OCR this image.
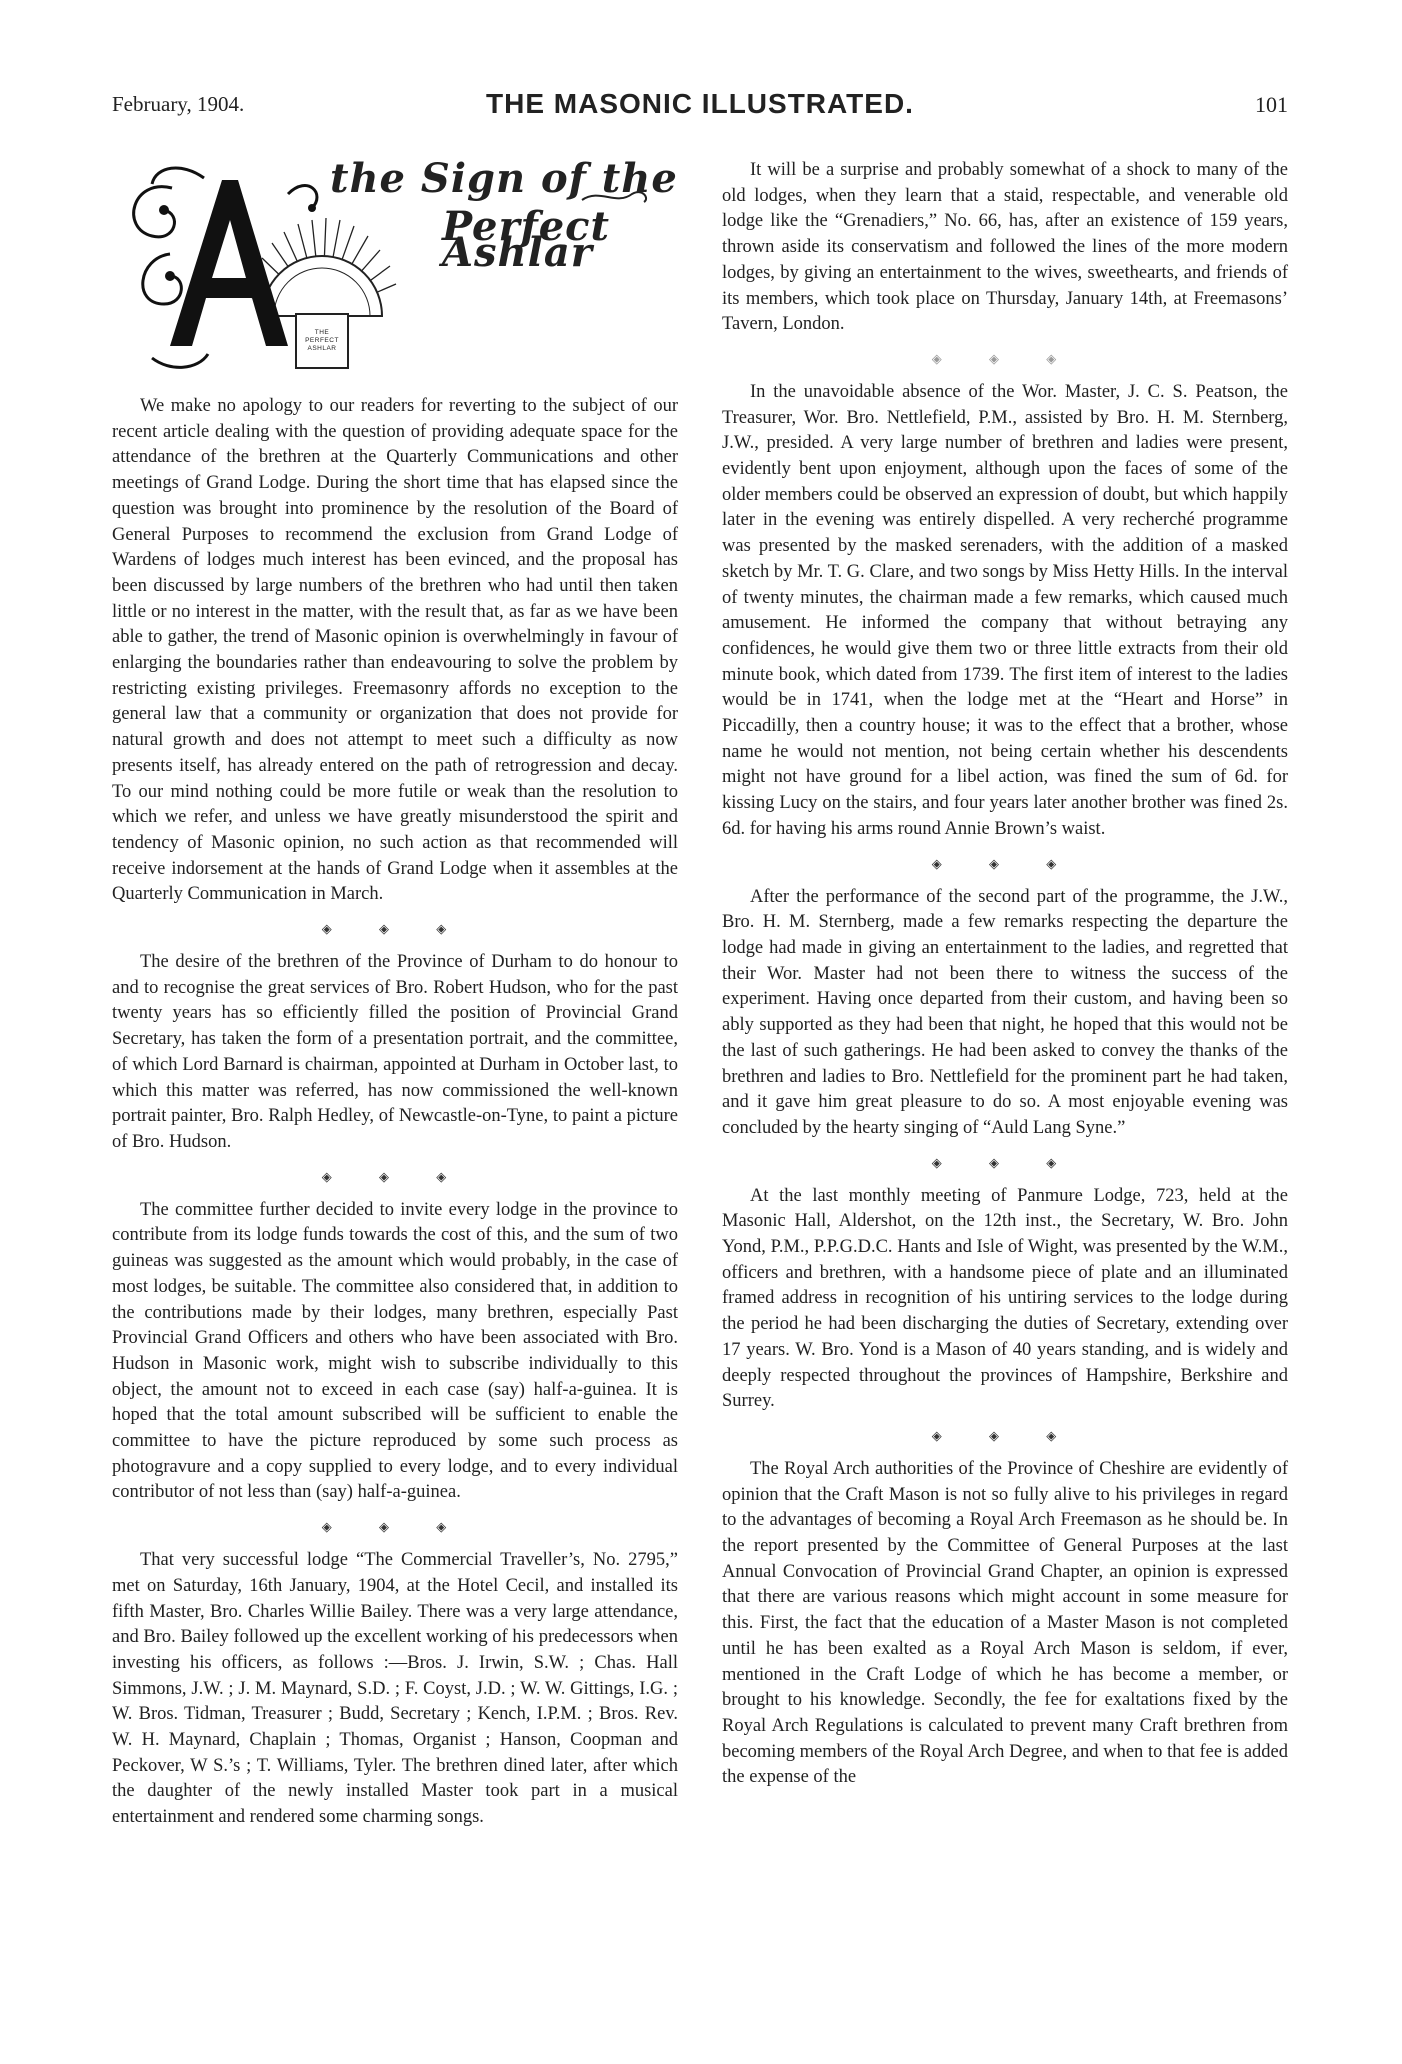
February, 1904.	THE MASONIC ILLUSTRATED.	101
the Sign of the
Perfect Ashlar
THE
PERFECT
ASHLAR

We make no apology to our readers for reverting to the subject of our recent article dealing with the question of providing adequate space for the attendance of the brethren at the Quarterly Communications and other meetings of Grand Lodge. During the short time that has elapsed since the question was brought into prominence by the resolution of the Board of General Purposes to recommend the exclusion from Grand Lodge of Wardens of lodges much interest has been evinced, and the proposal has been discussed by large numbers of the brethren who had until then taken little or no interest in the matter, with the result that, as far as we have been able to gather, the trend of Masonic opinion is overwhelmingly in favour of enlarging the boundaries rather than endeavouring to solve the problem by restricting existing privileges. Freemasonry affords no exception to the general law that a community or organization that does not provide for natural growth and does not attempt to meet such a difficulty as now presents itself, has already entered on the path of retrogression and decay. To our mind nothing could be more futile or weak than the resolution to which we refer, and unless we have greatly misunderstood the spirit and tendency of Masonic opinion, no such action as that recommended will receive indorsement at the hands of Grand Lodge when it assembles at the Quarterly Communication in March.

◈ ◈ ◈

The desire of the brethren of the Province of Durham to do honour to and to recognise the great services of Bro. Robert Hudson, who for the past twenty years has so efficiently filled the position of Provincial Grand Secretary, has taken the form of a presentation portrait, and the committee, of which Lord Barnard is chairman, appointed at Durham in October last, to which this matter was referred, has now commissioned the well-known portrait painter, Bro. Ralph Hedley, of Newcastle-on-Tyne, to paint a picture of Bro. Hudson.

◈ ◈ ◈

The committee further decided to invite every lodge in the province to contribute from its lodge funds towards the cost of this, and the sum of two guineas was suggested as the amount which would probably, in the case of most lodges, be suitable. The committee also considered that, in addition to the contributions made by their lodges, many brethren, especially Past Provincial Grand Officers and others who have been associated with Bro. Hudson in Masonic work, might wish to subscribe individually to this object, the amount not to exceed in each case (say) half-a-guinea. It is hoped that the total amount subscribed will be sufficient to enable the committee to have the picture reproduced by some such process as photogravure and a copy supplied to every lodge, and to every individual contributor of not less than (say) half-a-guinea.

◈ ◈ ◈

That very successful lodge “The Commercial Traveller’s, No. 2795,” met on Saturday, 16th January, 1904, at the Hotel Cecil, and installed its fifth Master, Bro. Charles Willie Bailey. There was a very large attendance, and Bro. Bailey followed up the excellent working of his predecessors when investing his officers, as follows :—Bros. J. Irwin, S.W. ; Chas. Hall Simmons, J.W. ; J. M. Maynard, S.D. ; F. Coyst, J.D. ; W. W. Gittings, I.G. ; W. Bros. Tidman, Treasurer ; Budd, Secretary ; Kench, I.P.M. ; Bros. Rev. W. H. Maynard, Chaplain ; Thomas, Organist ; Hanson, Coopman and Peckover, W S.’s ; T. Williams, Tyler. The brethren dined later, after which the daughter of the newly installed Master took part in a musical entertainment and rendered some charming songs.

It will be a surprise and probably somewhat of a shock to many of the old lodges, when they learn that a staid, respectable, and venerable old lodge like the “Grenadiers,” No. 66, has, after an existence of 159 years, thrown aside its conservatism and followed the lines of the more modern lodges, by giving an entertainment to the wives, sweethearts, and friends of its members, which took place on Thursday, January 14th, at Freemasons’ Tavern, London.

◈ ◈ ◈

In the unavoidable absence of the Wor. Master, J. C. S. Peatson, the Treasurer, Wor. Bro. Nettlefield, P.M., assisted by Bro. H. M. Sternberg, J.W., presided. A very large number of brethren and ladies were present, evidently bent upon enjoyment, although upon the faces of some of the older members could be observed an expression of doubt, but which happily later in the evening was entirely dispelled. A very recherché programme was presented by the masked serenaders, with the addition of a masked sketch by Mr. T. G. Clare, and two songs by Miss Hetty Hills. In the interval of twenty minutes, the chairman made a few remarks, which caused much amusement. He informed the company that without betraying any confidences, he would give them two or three little extracts from their old minute book, which dated from 1739. The first item of interest to the ladies would be in 1741, when the lodge met at the “Heart and Horse” in Piccadilly, then a country house; it was to the effect that a brother, whose name he would not mention, not being certain whether his descendents might not have ground for a libel action, was fined the sum of 6d. for kissing Lucy on the stairs, and four years later another brother was fined 2s. 6d. for having his arms round Annie Brown’s waist.

◈ ◈ ◈

After the performance of the second part of the programme, the J.W., Bro. H. M. Sternberg, made a few remarks respecting the departure the lodge had made in giving an entertainment to the ladies, and regretted that their Wor. Master had not been there to witness the success of the experiment. Having once departed from their custom, and having been so ably supported as they had been that night, he hoped that this would not be the last of such gatherings. He had been asked to convey the thanks of the brethren and ladies to Bro. Nettlefield for the prominent part he had taken, and it gave him great pleasure to do so. A most enjoyable evening was concluded by the hearty singing of “Auld Lang Syne.”

◈ ◈ ◈

At the last monthly meeting of Panmure Lodge, 723, held at the Masonic Hall, Aldershot, on the 12th inst., the Secretary, W. Bro. John Yond, P.M., P.P.G.D.C. Hants and Isle of Wight, was presented by the W.M., officers and brethren, with a handsome piece of plate and an illuminated framed address in recognition of his untiring services to the lodge during the period he had been discharging the duties of Secretary, extending over 17 years. W. Bro. Yond is a Mason of 40 years standing, and is widely and deeply respected throughout the provinces of Hampshire, Berkshire and Surrey.

◈ ◈ ◈

The Royal Arch authorities of the Province of Cheshire are evidently of opinion that the Craft Mason is not so fully alive to his privileges in regard to the advantages of becoming a Royal Arch Freemason as he should be. In the report presented by the Committee of General Purposes at the last Annual Convocation of Provincial Grand Chapter, an opinion is expressed that there are various reasons which might account in some measure for this. First, the fact that the education of a Master Mason is not completed until he has been exalted as a Royal Arch Mason is seldom, if ever, mentioned in the Craft Lodge of which he has become a member, or brought to his knowledge. Secondly, the fee for exaltations fixed by the Royal Arch Regulations is calculated to prevent many Craft brethren from becoming members of the Royal Arch Degree, and when to that fee is added the expense of the
